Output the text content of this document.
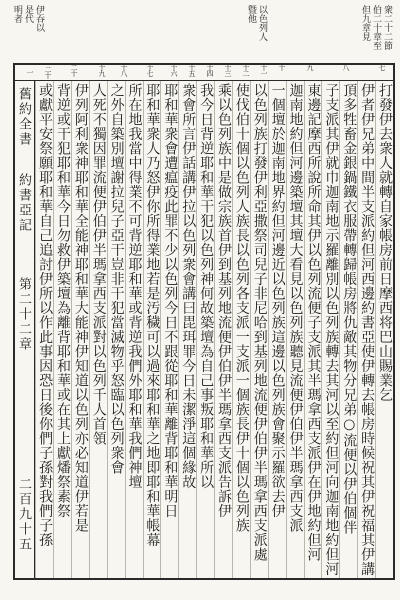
衆二十二節
伯二十章至
但九章見
以色列人
曁他
伊吞以
是代
明者
七
八
九
十
十一
十二
十三
十四
十五
十六
十七
十八
十九
二十
二十一
舊約全書
約書亞記
第二十二章
二百九十五
打發伊去衆人就轉自家帳房前日摩西将巴山賜業乞
伊者伊兄弟中間半支派約但河西邊約書亞使伊轉去帳房時候祝其伊祝福其伊講
頂多牲畜金銀鍋鐵衣服帶轉歸帳房將仇敵其物分兄弟○流便以伊伯個伴
子支派其伊就巾迦南地示羅離別以色列族轉去其河以至約但河向迦南地約但河
東邊記摩西所說所命其伊以色列流便子支派其半瑪拿西支派伊在伊地約但河
迦南地約但河邊築壇其壇大看見以色列族聽見流便伊伯伊半瑪拿西支派
一個壇於迦南地界約但河邊近以色列族這邊以色列族會聚示羅欲去伊
以色列族打發伊利亞撒祭司兒子非尼哈到基列地流便伊伯伊半瑪拿西支派處
使伐伯十個以色列人族長以色列各支派一支派一個族長伊十個以色列族
乘以色列族中是做宗族首伊到基列地流便伊伯伊半瑪拿西支派告訴伊
我今日背逆耶和華干犯以色列神何故築壇為自己事叛耶和華所以
衆會所言伊話講伊拉以色列衆會講曰毘珥罪今日未潔淨這個緣故
耶和華衆會遭瘟疫此罪不少以色列今日不跟從耶和華離背耶和華明日
耶和華衆人乃怒伊你所得業地若是汚穢可以過來耶和華之地即耶和華帳幕
所在地我當中得業不可背逆耶和華或背逆我們外耶和華我們神壇
之外自築別壇謝拉兒子亞干豈非干犯當滅物乎怒臨以色列衆會
人死不獨因罪流便伊伯伊半瑪拿西支派對以色列千人首領
伊列阿利衆神耶和華全能神耶和華大能神伊知道以色列亦必知道伊若是
背逆或干犯耶和華今日勿救伊築壇為離背耶和華或在其上獻燔祭素祭
或獻平安祭願耶和華自己追討伊所以作此事因恐日後你們子孫對我們子孫
